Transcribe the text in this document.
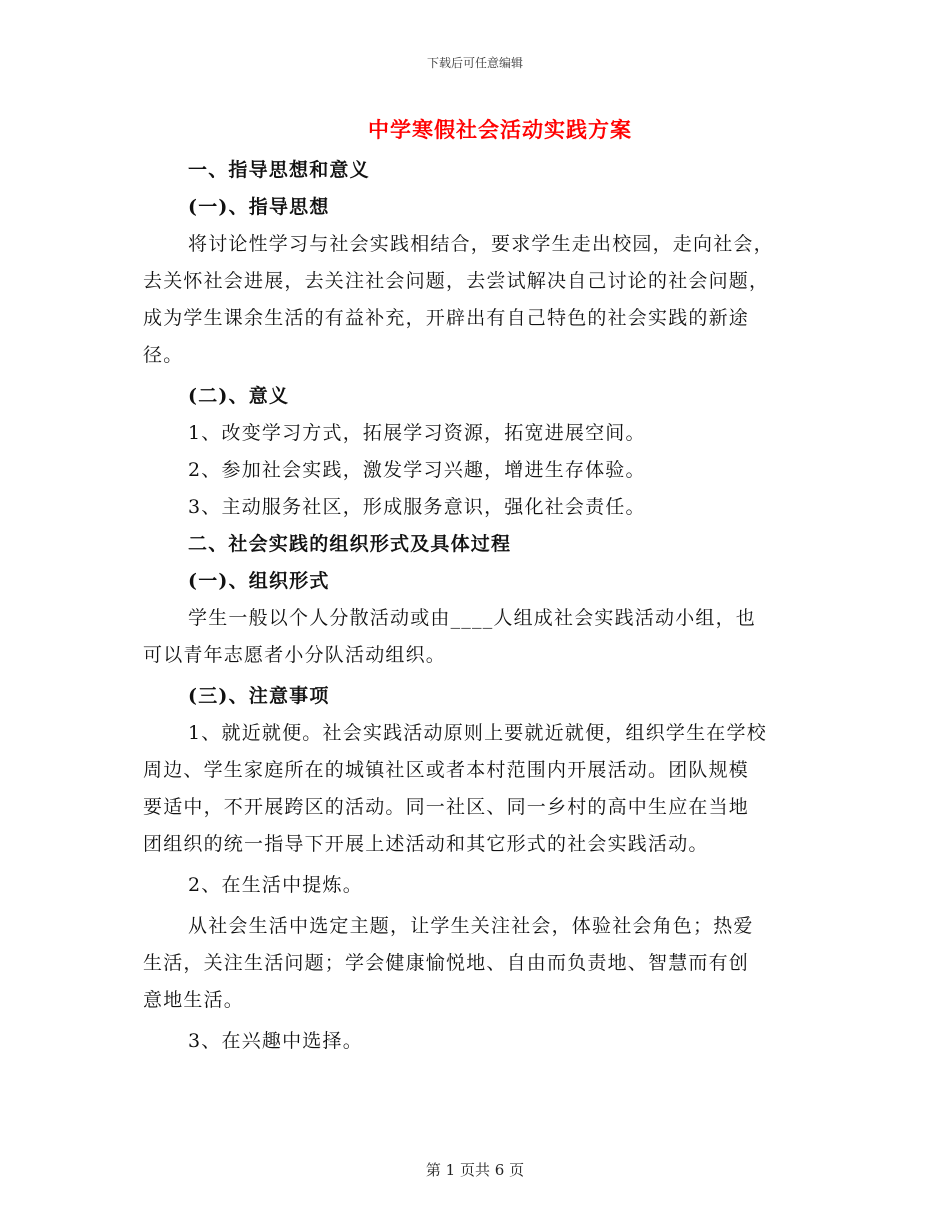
下载后可任意编辑
中学寒假社会活动实践方案
一、指导思想和意义
(一)、指导思想
将讨论性学习与社会实践相结合，要求学生走出校园，走向社会，
去关怀社会进展，去关注社会问题，去尝试解决自己讨论的社会问题，
成为学生课余生活的有益补充，开辟出有自己特色的社会实践的新途
径。
(二)、意义
1、改变学习方式，拓展学习资源，拓宽进展空间。
2、参加社会实践，激发学习兴趣，增进生存体验。
3、主动服务社区，形成服务意识，强化社会责任。
二、社会实践的组织形式及具体过程
(一)、组织形式
学生一般以个人分散活动或由____人组成社会实践活动小组，也
可以青年志愿者小分队活动组织。
(三)、注意事项
1、就近就便。社会实践活动原则上要就近就便，组织学生在学校
周边、学生家庭所在的城镇社区或者本村范围内开展活动。团队规模
要适中，不开展跨区的活动。同一社区、同一乡村的高中生应在当地
团组织的统一指导下开展上述活动和其它形式的社会实践活动。
2、在生活中提炼。
从社会生活中选定主题，让学生关注社会，体验社会角色；热爱
生活，关注生活问题；学会健康愉悦地、自由而负责地、智慧而有创
意地生活。
3、在兴趣中选择。
第 1 页共 6 页
